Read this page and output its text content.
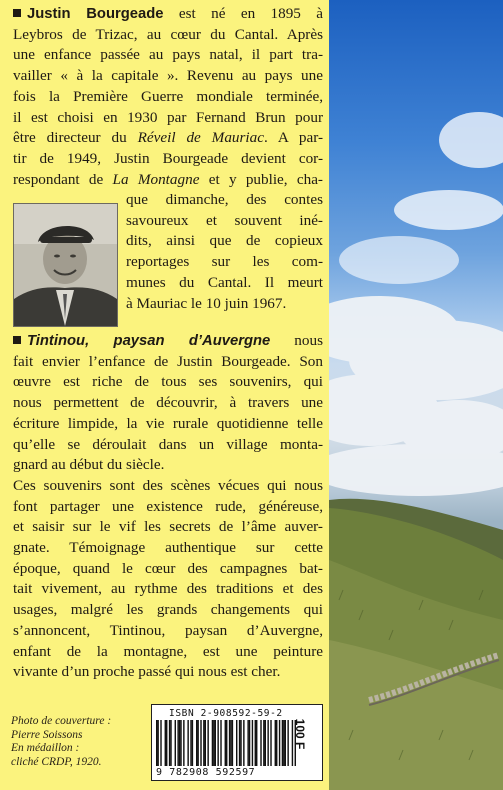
Justin Bourgeade est né en 1895 à
Leybros de Trizac, au cœur du Cantal. Après
une enfance passée au pays natal, il part tra-
vailler « à la capitale ». Revenu au pays une
fois la Première Guerre mondiale terminée,
il est choisi en 1930 par Fernand Brun pour
être directeur du Réveil de Mauriac. A par-
tir de 1949, Justin Bourgeade devient cor-
respondant de La Montagne et y publie, cha-
que dimanche, des contes
savoureux et souvent iné-
dits, ainsi que de copieux
reportages sur les com-
munes du Cantal. Il meurt
à Mauriac le 10 juin 1967.
Tintinou, paysan d’Auvergne nous
fait envier l’enfance de Justin Bourgeade. Son
œuvre est riche de tous ses souvenirs, qui
nous permettent de découvrir, à travers une
écriture limpide, la vie rurale quotidienne telle
qu’elle se déroulait dans un village monta-
gnard au début du siècle.
Ces souvenirs sont des scènes vécues qui nous
font partager une existence rude, généreuse,
et saisir sur le vif les secrets de l’âme auver-
gnate. Témoignage authentique sur cette
époque, quand le cœur des campagnes bat-
tait vivement, au rythme des traditions et des
usages, malgré les grands changements qui
s’annoncent, Tintinou, paysan d’Auvergne,
enfant de la montagne, est une peinture
vivante d’un proche passé qui nous est cher.
Photo de couverture :
Pierre Soissons
En médaillon :
cliché CRDP, 1920.
ISBN 2-908592-59-2
9 782908 592597
100 F
